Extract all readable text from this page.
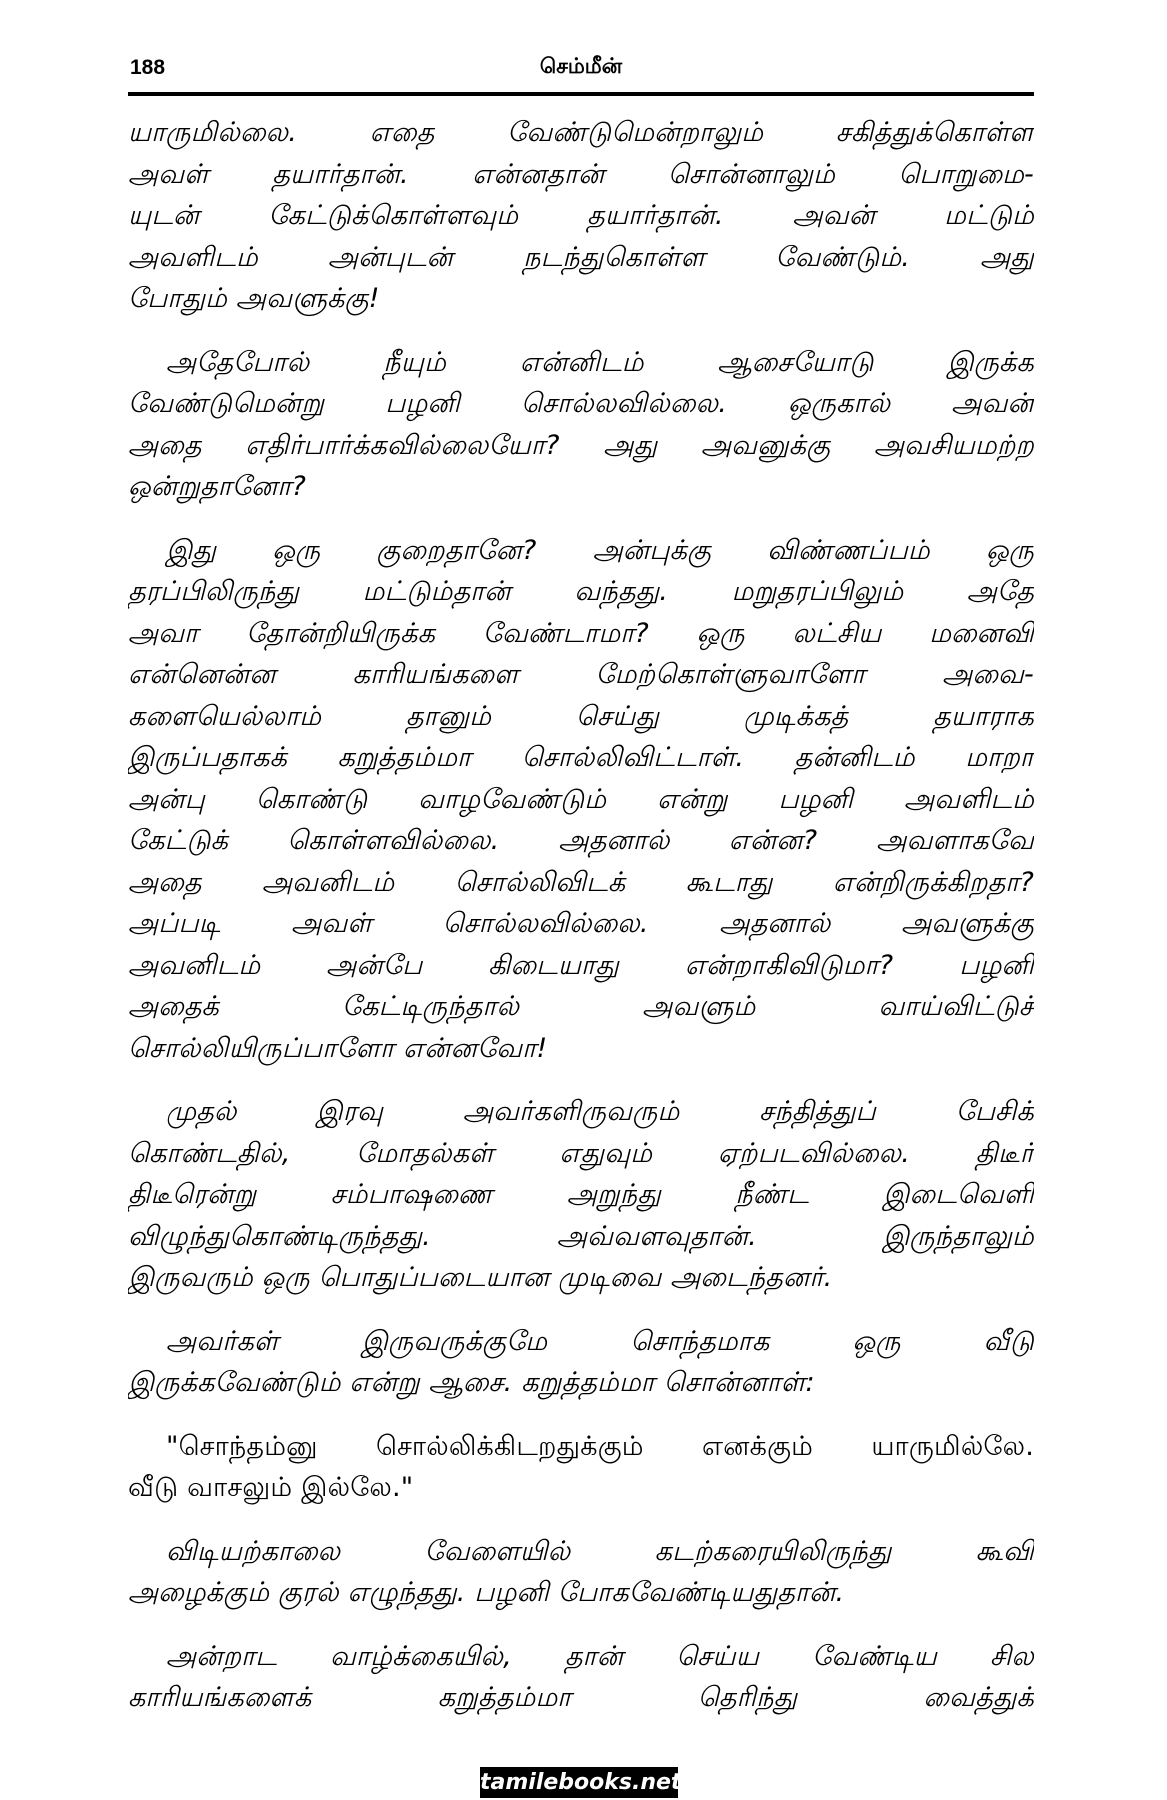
188	செம்மீன்
யாருமில்லை. எதை வேண்டுமென்றாலும் சகித்துக்கொள்ள
அவள் தயார்தான். என்னதான் சொன்னாலும் பொறுமை-
யுடன் கேட்டுக்கொள்ளவும் தயார்தான். அவன் மட்டும்
அவளிடம் அன்புடன் நடந்துகொள்ள வேண்டும். அது
போதும் அவளுக்கு!
அதேபோல் நீயும் என்னிடம் ஆசையோடு இருக்க
வேண்டுமென்று பழனி சொல்லவில்லை. ஒருகால் அவன்
அதை எதிர்பார்க்கவில்லையோ? அது அவனுக்கு அவசியமற்ற
ஒன்றுதானோ?
இது ஒரு குறைதானே? அன்புக்கு விண்ணப்பம் ஒரு
தரப்பிலிருந்து மட்டும்தான் வந்தது. மறுதரப்பிலும் அதே
அவா தோன்றியிருக்க வேண்டாமா? ஒரு லட்சிய மனைவி
என்னென்ன காரியங்களை மேற்கொள்ளுவாளோ அவை-
களையெல்லாம் தானும் செய்து முடிக்கத் தயாராக
இருப்பதாகக் கறுத்தம்மா சொல்லிவிட்டாள். தன்னிடம் மாறா
அன்பு கொண்டு வாழவேண்டும் என்று பழனி அவளிடம்
கேட்டுக் கொள்ளவில்லை. அதனால் என்ன? அவளாகவே
அதை அவனிடம் சொல்லிவிடக் கூடாது என்றிருக்கிறதா?
அப்படி அவள் சொல்லவில்லை. அதனால் அவளுக்கு
அவனிடம் அன்பே கிடையாது என்றாகிவிடுமா? பழனி
அதைக் கேட்டிருந்தால் அவளும் வாய்விட்டுச்
சொல்லியிருப்பாளோ என்னவோ!
முதல் இரவு அவர்களிருவரும் சந்தித்துப் பேசிக்
கொண்டதில், மோதல்கள் எதுவும் ஏற்படவில்லை. திடீர்
திடீரென்று சம்பாஷணை அறுந்து நீண்ட இடைவெளி
விழுந்துகொண்டிருந்தது. அவ்வளவுதான். இருந்தாலும்
இருவரும் ஒரு பொதுப்படையான முடிவை அடைந்தனர்.
அவர்கள் இருவருக்குமே சொந்தமாக ஒரு வீடு
இருக்கவேண்டும் என்று ஆசை. கறுத்தம்மா சொன்னாள்:
"சொந்தம்னு சொல்லிக்கிடறதுக்கும் எனக்கும் யாருமில்லே.
வீடு வாசலும் இல்லே."
விடியற்காலை வேளையில் கடற்கரையிலிருந்து கூவி
அழைக்கும் குரல் எழுந்தது. பழனி போகவேண்டியதுதான்.
அன்றாட வாழ்க்கையில், தான் செய்ய வேண்டிய சில
காரியங்களைக் கறுத்தம்மா தெரிந்து வைத்துக்
tamilebooks.net
